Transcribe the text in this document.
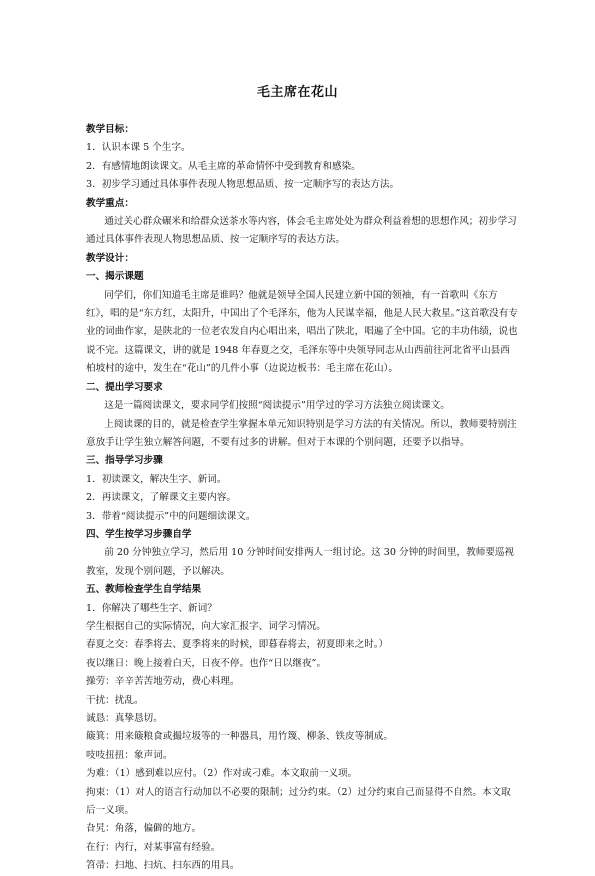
毛主席在花山

教学目标：

1．认识本课 5 个生字。

2．有感情地朗读课文。从毛主席的革命情怀中受到教育和感染。

3．初步学习通过具体事件表现人物思想品质、按一定顺序写的表达方法。

教学重点：

通过关心群众碾米和给群众送茶水等内容，体会毛主席处处为群众利益着想的思想作风；初步学习通过具体事件表现人物思想品质、按一定顺序写的表达方法。

教学设计：

一、揭示课题

同学们，你们知道毛主席是谁吗？他就是领导全国人民建立新中国的领袖，有一首歌叫《东方红》，唱的是“东方红，太阳升，中国出了个毛泽东，他为人民谋幸福，他是人民大救星。”这首歌没有专业的词曲作家，是陕北的一位老农发自内心唱出来，唱出了陕北，唱遍了全中国。它的丰功伟绩，说也说不完。这篇课文，讲的就是 1948 年春夏之交，毛泽东等中央领导同志从山西前往河北省平山县西柏坡村的途中，发生在“花山”的几件小事（边说边板书：毛主席在花山）。

二、提出学习要求

这是一篇阅读课文，要求同学们按照“阅读提示”用学过的学习方法独立阅读课文。

上阅读课的目的，就是检查学生掌握本单元知识特别是学习方法的有关情况。所以，教师要特别注意放手让学生独立解答问题，不要有过多的讲解。但对于本课的个别问题，还要予以指导。

三、指导学习步骤

1．初读课文，解决生字、新词。

2．再读课文，了解课文主要内容。

3．带着“阅读提示”中的问题细读课文。

四、学生按学习步骤自学

前 20 分钟独立学习，然后用 10 分钟时间安排两人一组讨论。这 30 分钟的时间里，教师要巡视教室，发现个别问题，予以解决。

五、教师检查学生自学结果

1．你解决了哪些生字、新词？

学生根据自己的实际情况，向大家汇报字、词学习情况。

春夏之交：春季将去、夏季将来的时候，即暮春将去，初夏即来之时。）

夜以继日：晚上接着白天，日夜不停。也作“日以继夜”。

操劳：辛辛苦苦地劳动，费心料理。

干扰：扰乱。

诚恳：真挚恳切。

簸箕：用来簸粮食或撮垃圾等的一种器具，用竹篾、柳条、铁皮等制成。

吱吱扭扭：象声词。

为难：（1）感到难以应付。（2）作对或刁难。本文取前一义项。

拘束：（1）对人的语言行动加以不必要的限制；过分约束。（2）过分约束自己而显得不自然。本文取后一义项。

旮旯：角落，偏僻的地方。

在行：内行，对某事富有经验。

笤帚：扫地、扫炕、扫东西的用具。
